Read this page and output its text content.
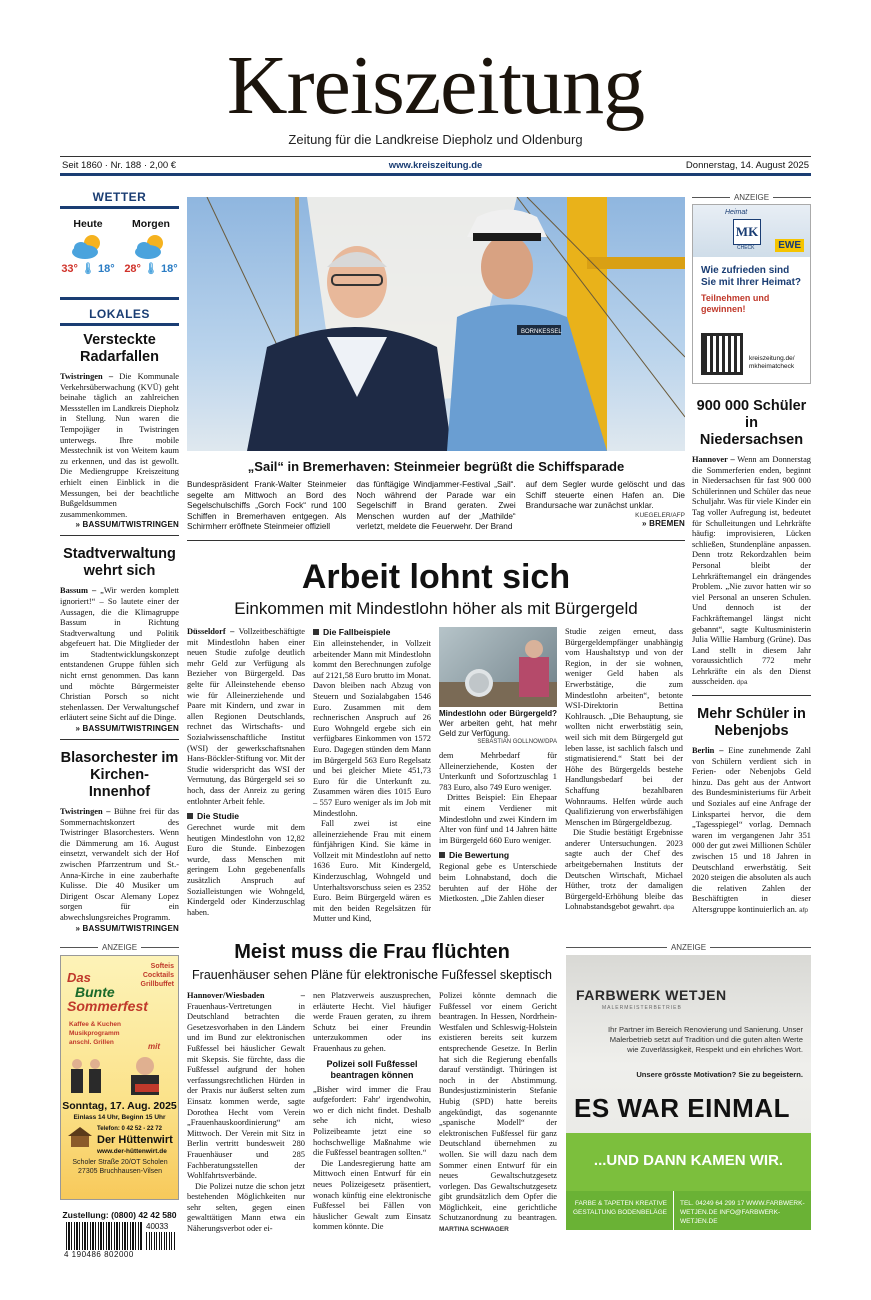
Kreiszeitung
Zeitung für die Landkreise Diepholz und Oldenburg
Seit 1860 · Nr. 188 · 2,00 €	www.kreiszeitung.de	Donnerstag, 14. August 2025
WETTER
Heute
33° 🌡 18°
Morgen
28° 🌡 18°
LOKALES
Versteckte Radarfallen

Twistringen – Die Kommunale Verkehrsüberwachung (KVÜ) geht beinahe täglich an zahlreichen Messstellen im Landkreis Diepholz in Stellung. Nun waren die Tempojäger in Twistringen unterwegs. Ihre mobile Messtechnik ist von Weitem kaum zu erkennen, und das ist gewollt. Die Mediengruppe Kreiszeitung erhielt einen Einblick in die Messungen, bei der beachtliche Bußgeldsummen zusammenkommen.

» BASSUM/TWISTRINGEN
Stadtverwaltung wehrt sich

Bassum – „Wir werden komplett ignoriert!“ – So lautete einer der Aussagen, die die Klimagruppe Bassum in Richtung Stadtverwaltung und Politik abgefeuert hat. Die Mitglieder der im Stadtentwicklungskonzept entstandenen Gruppe fühlen sich nicht ernst genommen. Das kann und möchte Bürgermeister Christian Porsch so nicht stehenlassen. Der Verwaltungschef erläutert seine Sicht auf die Dinge.

» BASSUM/TWISTRINGEN
Blasorchester im Kirchen-Innenhof

Twistringen – Bühne frei für das Sommernachtskonzert des Twistringer Blasorchesters. Wenn die Dämmerung am 16. August einsetzt, verwandelt sich der Hof zwischen Pfarrzentrum und St.-Anna-Kirche in eine zauberhafte Kulisse. Die 40 Musiker um Dirigent Oscar Alemany Lopez sorgen für ein abwechslungsreiches Programm.

» BASSUM/TWISTRINGEN
BORNKESSEL
„Sail“ in Bremerhaven: Steinmeier begrüßt die Schiffsparade

Bundespräsident Frank-Walter Steinmeier segelte am Mittwoch an Bord des Segelschulschiffs „Gorch Fock“ rund 100 Schiffen in Bremerhaven entgegen. Als Schirmherr eröffnete Steinmeier offiziell

das fünftägige Windjammer-Festival „Sail“. Noch während der Parade war ein Segelschiff in Brand geraten. Zwei Menschen wurden auf der „Mathilde“ verletzt, meldete die Feuerwehr. Der Brand

auf dem Segler wurde gelöscht und das Schiff steuerte einen Hafen an. Die Brandursache war zunächst unklar.

KUEGELER/AFP
» BREMEN
ANZEIGE
Heimat
MK
CHECK	EWE
Wie zufrieden sind Sie mit Ihrer Heimat?
Teilnehmen und gewinnen!
kreiszeitung.de/ mkheimatcheck
900 000 Schüler in Niedersachsen

Hannover – Wenn am Donnerstag die Sommerferien enden, beginnt in Niedersachsen für fast 900 000 Schülerinnen und Schüler das neue Schuljahr. Was für viele Kinder ein Tag voller Aufregung ist, bedeutet für Schulleitungen und Lehrkräfte häufig: improvisieren, Lücken schließen, Stundenpläne anpassen. Denn trotz Rekordzahlen beim Personal bleibt der Lehrkräftemangel ein drängendes Problem. „Nie zuvor hatten wir so viel Personal an unseren Schulen. Und dennoch ist der Fachkräftemangel längst nicht gebannt“, sagte Kultusministerin Julia Willie Hamburg (Grüne). Das Land stellt in diesem Jahr voraussichtlich 772 mehr Lehrkräfte ein als den Dienst ausscheiden. dpa

Mehr Schüler in Nebenjobs

Berlin – Eine zunehmende Zahl von Schülern verdient sich in Ferien- oder Nebenjobs Geld hinzu. Das geht aus der Antwort des Bundesministeriums für Arbeit und Soziales auf eine Anfrage der Linkspartei hervor, die dem „Tagesspiegel“ vorlag. Demnach waren im vergangenen Jahr 351 000 der gut zwei Millionen Schüler zwischen 15 und 18 Jahren in Deutschland erwerbstätig. Seit 2020 steigen die absoluten als auch die relativen Zahlen der Beschäftigten in dieser Altersgruppe kontinuierlich an. afp

Arbeit lohnt sich
Einkommen mit Mindestlohn höher als mit Bürgergeld

Düsseldorf – Vollzeitbeschäftigte mit Mindestlohn haben einer neuen Studie zufolge deutlich mehr Geld zur Verfügung als Bezieher von Bürgergeld. Das gelte für Alleinstehende ebenso wie für Alleinerziehende und Paare mit Kindern, und zwar in allen Regionen Deutschlands, rechnet das Wirtschafts- und Sozialwissenschaftliche Institut (WSI) der gewerkschaftsnahen Hans-Böckler-Stiftung vor. Mit der Studie widerspricht das WSI der Vermutung, das Bürgergeld sei so hoch, dass der Anreiz zu gering entlohnter Arbeit fehle.

Die Studie

Gerechnet wurde mit dem heutigen Mindestlohn von 12,82 Euro die Stunde. Einbezogen wurde, dass Menschen mit geringem Lohn gegebenenfalls zusätzlich Anspruch auf Sozialleistungen wie Wohngeld, Kindergeld oder Kinderzuschlag haben.

Die Fallbeispiele

Ein alleinstehender, in Vollzeit arbeitender Mann mit Mindestlohn kommt den Berechnungen zufolge auf 2121,58 Euro brutto im Monat. Davon bleiben nach Abzug von Steuern und Sozialabgaben 1546 Euro. Zusammen mit dem rechnerischen Anspruch auf 26 Euro Wohngeld ergebe sich ein verfügbares Einkommen von 1572 Euro. Dagegen stünden dem Mann im Bürgergeld 563 Euro Regelsatz und bei gleicher Miete 451,73 Euro für die Unterkunft zu. Zusammen wären dies 1015 Euro – 557 Euro weniger als im Job mit Mindestlohn.

Fall zwei ist eine alleinerziehende Frau mit einem fünfjährigen Kind. Sie käme in Vollzeit mit Mindestlohn auf netto 1636 Euro. Mit Kindergeld, Kinderzuschlag, Wohngeld und Unterhaltsvorschuss seien es 2352 Euro. Beim Bürgergeld wären es mit den beiden Regelsätzen für Mutter und Kind,

Mindestlohn oder Bürgergeld? Wer arbeiten geht, hat mehr Geld zur Verfügung.

SEBASTIAN GOLLNOW/DPA

dem Mehrbedarf für Alleinerziehende, Kosten der Unterkunft und Sofortzuschlag 1 783 Euro, also 749 Euro weniger.

Drittes Beispiel: Ein Ehepaar mit einem Verdiener mit Mindestlohn und zwei Kindern im Alter von fünf und 14 Jahren hätte im Bürgergeld 660 Euro weniger.

Die Bewertung

Regional gebe es Unterschiede beim Lohnabstand, doch die beruhten auf der Höhe der Mietkosten. „Die Zahlen dieser

Studie zeigen erneut, dass Bürgergeldempfänger unabhängig vom Haushaltstyp und von der Region, in der sie wohnen, weniger Geld haben als Erwerbstätige, die zum Mindestlohn arbeiten“, betonte WSI-Direktorin Bettina Kohlrausch. „Die Behauptung, sie wollten nicht erwerbstätig sein, weil sich mit dem Bürgergeld gut leben lasse, ist sachlich falsch und stigmatisierend.“ Statt bei der Höhe des Bürgergelds bestehe Handlungsbedarf bei der Schaffung bezahlbaren Wohnraums. Helfen würde auch Qualifizierung von erwerbsfähigen Menschen im Bürgergeldbezug.

Die Studie bestätigt Ergebnisse anderer Untersuchungen. 2023 sagte auch der Chef des arbeitgebernahen Instituts der Deutschen Wirtschaft, Michael Hüther, trotz der damaligen Bürgergeld-Erhöhung bleibe das Lohnabstandsgebot gewahrt. dpa

ANZEIGE
Softeis
Cocktails
Grillbuffet
Das
Bunte
Sommerfest
Kaffee & Kuchen
Musikprogramm
anschl. Grillen	mit
Sonntag, 17. Aug. 2025
Einlass 14 Uhr, Beginn 15 Uhr
Telefon: 0 42 52 - 22 72
Der Hüttenwirt
www.der-hüttenwirt.de
Scholer Straße 20/OT Scholen 27305 Bruchhausen-Vilsen
Zustellung: (0800) 42 42 580
40033
4 190486 802000
Meist muss die Frau flüchten
Frauenhäuser sehen Pläne für elektronische Fußfessel skeptisch

Hannover/Wiesbaden – Frauenhaus-Vertretungen in Deutschland betrachten die Gesetzesvorhaben in den Ländern und im Bund zur elektronischen Fußfessel bei häuslicher Gewalt mit Skepsis. Sie fürchte, dass die Fußfessel aufgrund der hohen verfassungsrechtlichen Hürden in der Praxis nur äußerst selten zum Einsatz kommen werde, sagte Dorothea Hecht vom Verein „Frauenhauskoordinierung“ am Mittwoch. Der Verein mit Sitz in Berlin vertritt bundesweit 280 Frauenhäuser und 285 Fachberatungsstellen der Wohlfahrtsverbände.

Die Polizei nutze die schon jetzt bestehenden Möglichkeiten nur sehr selten, gegen einen gewalttätigen Mann etwa ein Näherungsverbot oder ei-

nen Platzverweis auszusprechen, erläuterte Hecht. Viel häufiger werde Frauen geraten, zu ihrem Schutz bei einer Freundin unterzukommen oder ins Frauenhaus zu gehen.

Polizei soll Fußfessel beantragen können

„Bisher wird immer die Frau aufgefordert: Fahr' irgendwohin, wo er dich nicht findet. Deshalb sehe ich nicht, wieso Polizeibeamte jetzt eine so hochschwellige Maßnahme wie die Fußfessel beantragen sollten.“

Die Landesregierung hatte am Mittwoch einen Entwurf für ein neues Polizeigesetz präsentiert, wonach künftig eine elektronische Fußfessel bei Fällen von häuslicher Gewalt zum Einsatz kommen könnte. Die

Polizei könnte demnach die Fußfessel vor einem Gericht beantragen. In Hessen, Nordrhein-Westfalen und Schleswig-Holstein existieren bereits seit kurzem entsprechende Gesetze. In Berlin hat sich die Regierung ebenfalls darauf verständigt. Thüringen ist noch in der Abstimmung. Bundesjustizministerin Stefanie Hubig (SPD) hatte bereits angekündigt, das sogenannte „spanische Modell“ der elektronischen Fußfessel für ganz Deutschland übernehmen zu wollen. Sie will dazu nach dem Sommer einen Entwurf für ein neues Gewaltschutzgesetz vorlegen. Das Gewaltschutzgesetz gibt grundsätzlich dem Opfer die Möglichkeit, eine gerichtliche Schutzanordnung zu beantragen. MARTINA SCHWAGER

ANZEIGE
FARBWERK WETJEN
MALERMEISTERBETRIEB
Ihr Partner im Bereich Renovierung und Sanierung. Unser Malerbetrieb setzt auf Tradition und die guten alten Werte wie Zuverlässigkeit, Respekt und ein ehrliches Wort.
Unsere grösste Motivation? Sie zu begeistern.
ES WAR EINMAL
...UND DANN KAMEN WIR.
FARBE & TAPETEN KREATIVE GESTALTUNG BODENBELÄGE
TEL. 04249 64 299 17 WWW.FARBWERK-WETJEN.DE INFO@FARBWERK-WETJEN.DE
